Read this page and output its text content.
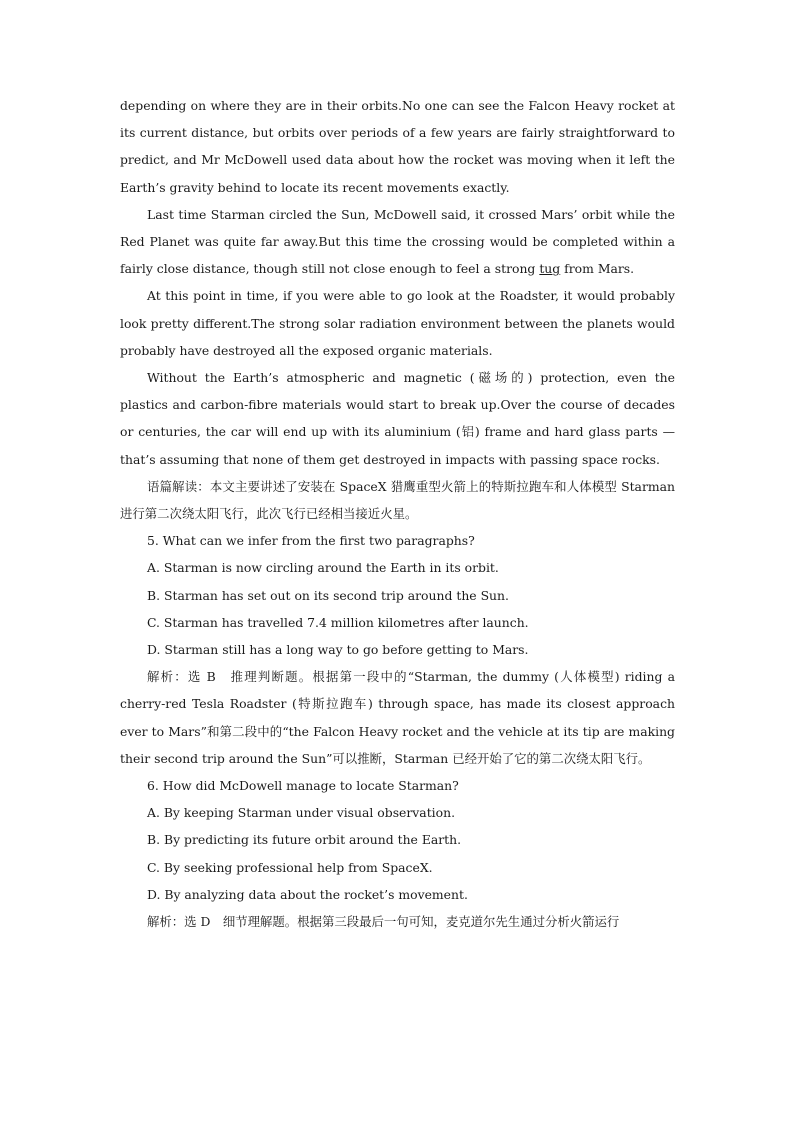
depending on where they are in their orbits.No one can see the Falcon Heavy rocket at its current distance, but orbits over periods of a few years are fairly straightforward to predict, and Mr McDowell used data about how the rocket was moving when it left the Earth’s gravity behind to locate its recent movements exactly.

Last time Starman circled the Sun, McDowell said, it crossed Mars’ orbit while the Red Planet was quite far away.But this time the crossing would be completed within a fairly close distance, though still not close enough to feel a strong tug from Mars.

At this point in time, if you were able to go look at the Roadster, it would probably look pretty different.The strong solar radiation environment between the planets would probably have destroyed all the exposed organic materials.

Without the Earth’s atmospheric and magnetic (磁场的) protection, even the plastics and carbon-fibre materials would start to break up.Over the course of decades or centuries, the car will end up with its aluminium (铝) frame and hard glass parts — that’s assuming that none of them get destroyed in impacts with passing space rocks.

语篇解读：本文主要讲述了安装在 SpaceX 猎鹰重型火箭上的特斯拉跑车和人体模型 Starman 进行第二次绕太阳飞行，此次飞行已经相当接近火星。

5. What can we infer from the first two paragraphs?

A. Starman is now circling around the Earth in its orbit.

B. Starman has set out on its second trip around the Sun.

C. Starman has travelled 7.4 million kilometres after launch.

D. Starman still has a long way to go before getting to Mars.

解析：选 B　推理判断题。根据第一段中的“Starman, the dummy (人体模型) riding a cherry-red Tesla Roadster (特斯拉跑车) through space, has made its closest approach ever to Mars”和第二段中的“the Falcon Heavy rocket and the vehicle at its tip are making their second trip around the Sun”可以推断，Starman 已经开始了它的第二次绕太阳飞行。

6. How did McDowell manage to locate Starman?

A. By keeping Starman under visual observation.

B. By predicting its future orbit around the Earth.

C. By seeking professional help from SpaceX.

D. By analyzing data about the rocket’s movement.

解析：选 D　细节理解题。根据第三段最后一句可知，麦克道尔先生通过分析火箭运行
